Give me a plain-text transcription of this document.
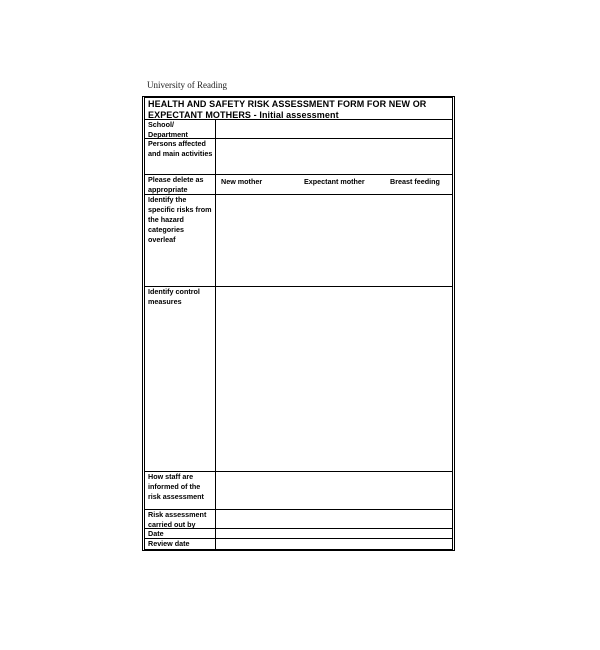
University of Reading
HEALTH AND SAFETY RISK ASSESSMENT FORM FOR NEW OR
EXPECTANT MOTHERS - Initial assessment
School/ Department
Persons affected and main activities
Please delete as appropriate
New mother	Expectant mother	Breast feeding
Identify the specific risks from the hazard categories overleaf
Identify control measures
How staff are informed of the risk assessment
Risk assessment carried out by
Date
Review date
